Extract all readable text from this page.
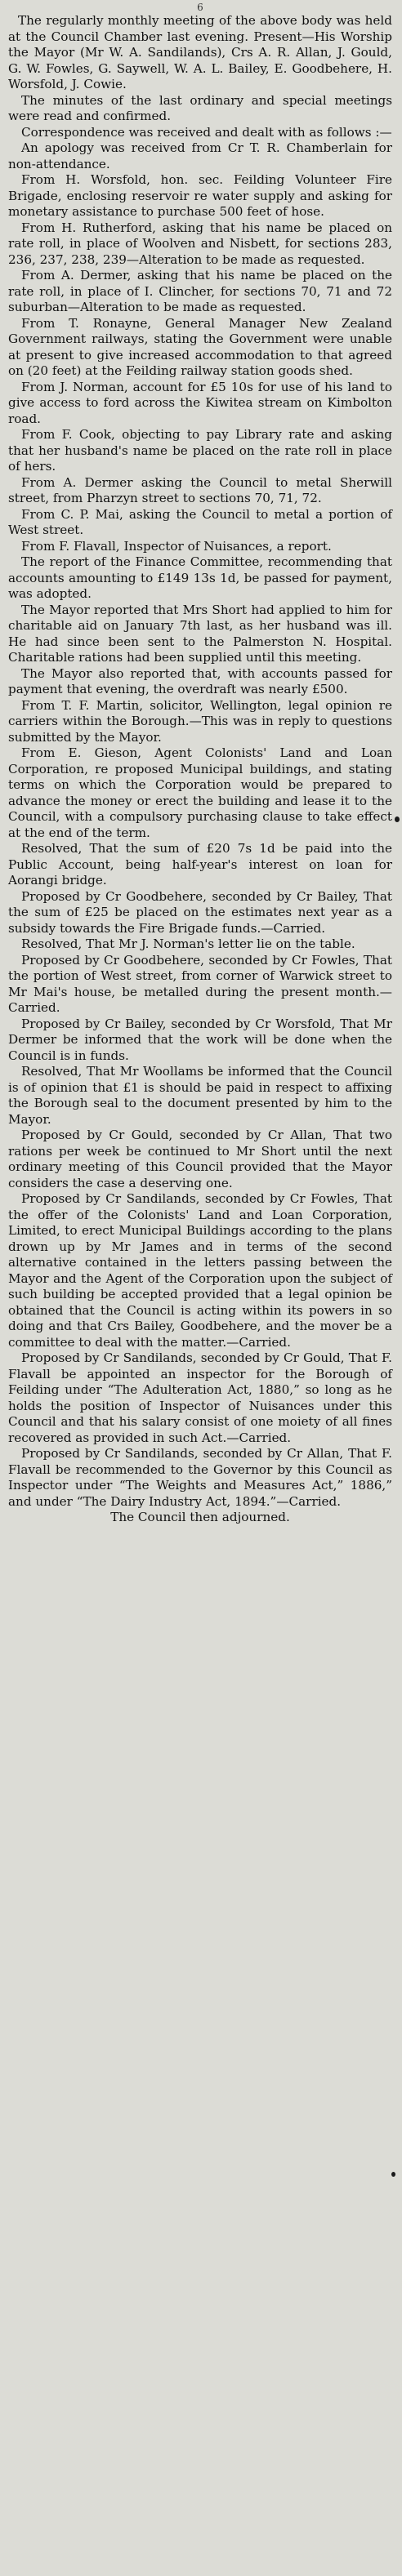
6

The regularly monthly meeting of the above body was held at the Council Chamber last evening. Present—His Worship the Mayor (Mr W. A. Sandilands), Crs A. R. Allan, J. Gould, G. W. Fowles, G. Saywell, W. A. L. Bailey, E. Goodbehere, H. Worsfold, J. Cowie.

The minutes of the last ordinary and special meetings were read and confirmed.

Correspondence was received and dealt with as follows :—

An apology was received from Cr T. R. Chamberlain for non-attendance.

From H. Worsfold, hon. sec. Feilding Volunteer Fire Brigade, enclosing reservoir re water supply and asking for monetary assistance to purchase 500 feet of hose.

From H. Rutherford, asking that his name be placed on rate roll, in place of Woolven and Nisbett, for sections 283, 236, 237, 238, 239—Alteration to be made as requested.

From A. Dermer, asking that his name be placed on the rate roll, in place of I. Clincher, for sections 70, 71 and 72 suburban—Alteration to be made as requested.

From T. Ronayne, General Manager New Zealand Government railways, stating the Government were unable at present to give increased accommodation to that agreed on (20 feet) at the Feilding railway station goods shed.

From J. Norman, account for £5 10s for use of his land to give access to ford across the Kiwitea stream on Kimbolton road.

From F. Cook, objecting to pay Library rate and asking that her husband's name be placed on the rate roll in place of hers.

From A. Dermer asking the Council to metal Sherwill street, from Pharzyn street to sections 70, 71, 72.

From C. P. Mai, asking the Council to metal a portion of West street.

From F. Flavall, Inspector of Nuisances, a report.

The report of the Finance Committee, recommending that accounts amounting to £149 13s 1d, be passed for payment, was adopted.

The Mayor reported that Mrs Short had applied to him for charitable aid on January 7th last, as her husband was ill. He had since been sent to the Palmerston N. Hospital. Charitable rations had been supplied until this meeting.

The Mayor also reported that, with accounts passed for payment that evening, the overdraft was nearly £500.

From T. F. Martin, solicitor, Wellington, legal opinion re carriers within the Borough.—This was in reply to questions submitted by the Mayor.

From E. Gieson, Agent Colonists' Land and Loan Corporation, re proposed Municipal buildings, and stating terms on which the Corporation would be prepared to advance the money or erect the building and lease it to the Council, with a compulsory purchasing clause to take effect at the end of the term.

Resolved, That the sum of £20 7s 1d be paid into the Public Account, being half-year's interest on loan for Aorangi bridge.

Proposed by Cr Goodbehere, seconded by Cr Bailey, That the sum of £25 be placed on the estimates next year as a subsidy towards the Fire Brigade funds.—Carried.

Resolved, That Mr J. Norman's letter lie on the table.

Proposed by Cr Goodbehere, seconded by Cr Fowles, That the portion of West street, from corner of Warwick street to Mr Mai's house, be metalled during the present month.—Carried.

Proposed by Cr Bailey, seconded by Cr Worsfold, That Mr Dermer be informed that the work will be done when the Council is in funds.

Resolved, That Mr Woollams be informed that the Council is of opinion that £1 is should be paid in respect to affixing the Borough seal to the document presented by him to the Mayor.

Proposed by Cr Gould, seconded by Cr Allan, That two rations per week be continued to Mr Short until the next ordinary meeting of this Council provided that the Mayor considers the case a deserving one.

Proposed by Cr Sandilands, seconded by Cr Fowles, That the offer of the Colonists' Land and Loan Corporation, Limited, to erect Municipal Buildings according to the plans drown up by Mr James and in terms of the second alternative contained in the letters passing between the Mayor and the Agent of the Corporation upon the subject of such building be accepted provided that a legal opinion be obtained that the Council is acting within its powers in so doing and that Crs Bailey, Goodbehere, and the mover be a committee to deal with the matter.—Carried.

Proposed by Cr Sandilands, seconded by Cr Gould, That F. Flavall be appointed an inspector for the Borough of Feilding under “The Adulteration Act, 1880,” so long as he holds the position of Inspector of Nuisances under this Council and that his salary consist of one moiety of all fines recovered as provided in such Act.—Carried.

Proposed by Cr Sandilands, seconded by Cr Allan, That F. Flavall be recommended to the Governor by this Council as Inspector under “The Weights and Measures Act,” 1886,” and under “The Dairy Industry Act, 1894.”—Carried.

The Council then adjourned.
